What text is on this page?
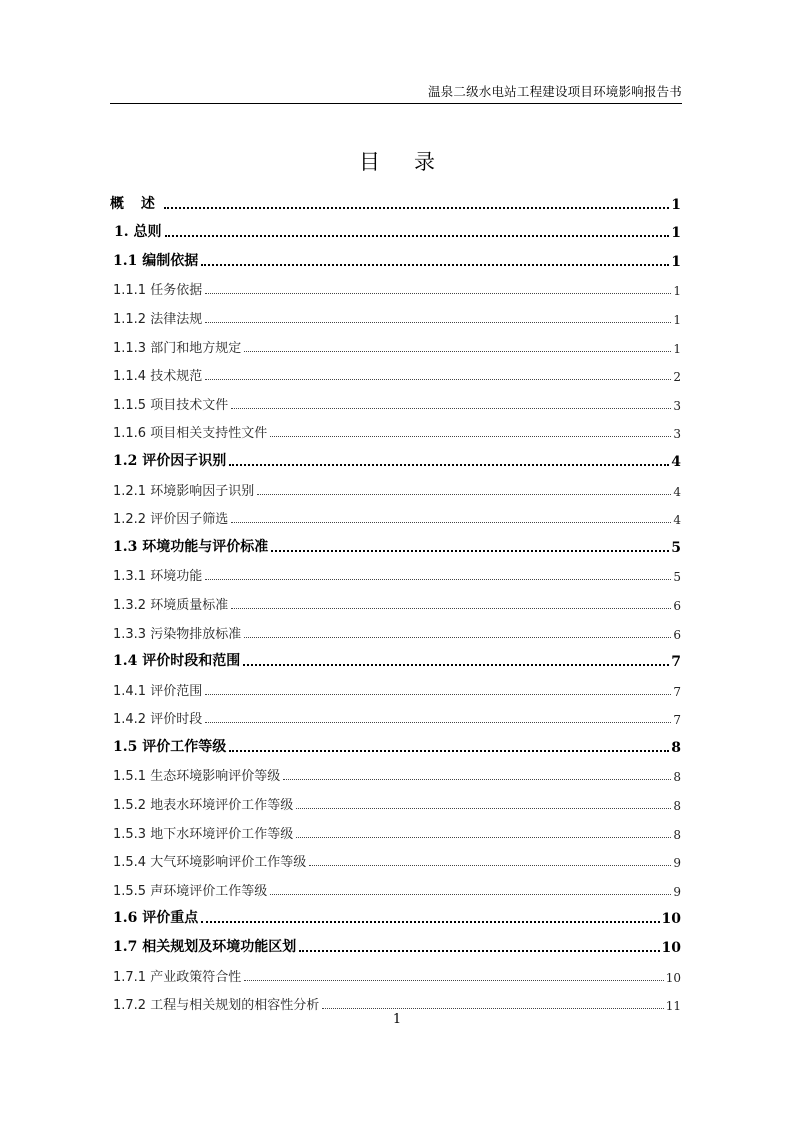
温泉二级水电站工程建设项目环境影响报告书
目 录
概 述	1
1. 总则	1
1.1 编制依据	1
1.1.1 任务依据	1
1.1.2 法律法规	1
1.1.3 部门和地方规定	1
1.1.4 技术规范	2
1.1.5 项目技术文件	3
1.1.6 项目相关支持性文件	3
1.2 评价因子识别	4
1.2.1 环境影响因子识别	4
1.2.2 评价因子筛选	4
1.3 环境功能与评价标准	5
1.3.1 环境功能	5
1.3.2 环境质量标准	6
1.3.3 污染物排放标准	6
1.4 评价时段和范围	7
1.4.1 评价范围	7
1.4.2 评价时段	7
1.5 评价工作等级	8
1.5.1 生态环境影响评价等级	8
1.5.2 地表水环境评价工作等级	8
1.5.3 地下水环境评价工作等级	8
1.5.4 大气环境影响评价工作等级	9
1.5.5 声环境评价工作等级	9
1.6 评价重点	10
1.7 相关规划及环境功能区划	10
1.7.1 产业政策符合性	10
1.7.2 工程与相关规划的相容性分析	11
1
